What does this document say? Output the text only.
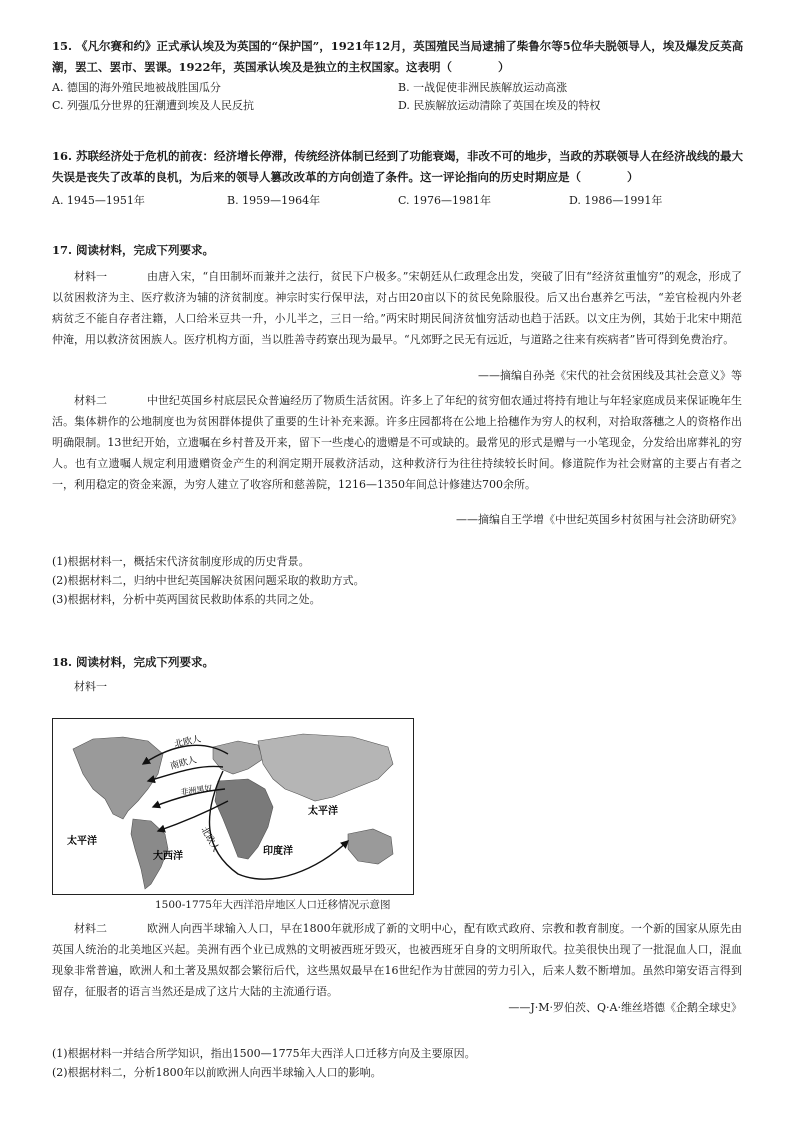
15. 《凡尔赛和约》正式承认埃及为英国的“保护国”，1921年12月，英国殖民当局逮捕了柴鲁尔等5位华夫脱领导人，埃及爆发反英高潮，罢工、罢市、罢课。1922年，英国承认埃及是独立的主权国家。这表明（　　　　）
A. 德国的海外殖民地被战胜国瓜分	B. 一战促使非洲民族解放运动高涨
C. 列强瓜分世界的狂潮遭到埃及人民反抗	D. 民族解放运动清除了英国在埃及的特权
16. 苏联经济处于危机的前夜：经济增长停滞，传统经济体制已经到了功能衰竭，非改不可的地步，当政的苏联领导人在经济战线的最大失误是丧失了改革的良机，为后来的领导人篡改改革的方向创造了条件。这一评论指向的历史时期应是（　　　　）
A. 1945—1951年	B. 1959—1964年	C. 1976—1981年	D. 1986—1991年
17. 阅读材料，完成下列要求。
材料一	由唐入宋，“自田制坏而兼并之法行，贫民下户极多。”宋朝廷从仁政理念出发，突破了旧有“经济贫重恤穷”的观念，形成了以贫困救济为主、医疗救济为辅的济贫制度。神宗时实行保甲法，对占田20亩以下的贫民免除服役。后又出台惠养乞丐法，“差官检视内外老病贫乏不能自存者注籍，人口给米豆共一升，小儿半之，三日一给。”两宋时期民间济贫恤穷活动也趋于活跃。以文庄为例，其始于北宋中期范仲淹，用以救济贫困族人。医疗机构方面，当以胜善寺药寮出现为最早。“凡郊野之民无有远近，与道路之往来有疾病者”皆可得到免费治疗。
——摘编自孙尧《宋代的社会贫困线及其社会意义》等
材料二	中世纪英国乡村底层民众普遍经历了物质生活贫困。许多上了年纪的贫穷佃农通过将持有地让与年轻家庭成员来保证晚年生活。集体耕作的公地制度也为贫困群体提供了重要的生计补充来源。许多庄园都将在公地上拾穗作为穷人的权利，对拾取落穗之人的资格作出明确限制。13世纪开始，立遗嘱在乡村普及开来，留下一些虔心的遗赠是不可或缺的。最常见的形式是赠与一小笔现金，分发给出席葬礼的穷人。也有立遗嘱人规定利用遗赠资金产生的利润定期开展救济活动，这种救济行为往往持续较长时间。修道院作为社会财富的主要占有者之一，利用稳定的资金来源，为穷人建立了收容所和慈善院，1216—1350年间总计修建达700余所。
——摘编自王学增《中世纪英国乡村贫困与社会济助研究》
(1)根据材料一，概括宋代济贫制度形成的历史背景。
(2)根据材料二，归纳中世纪英国解决贫困问题采取的救助方式。
(3)根据材料，分析中英两国贫民救助体系的共同之处。
18. 阅读材料，完成下列要求。
材料一
北欧人
南欧人
非洲黑奴
北欧人
太平洋
太平洋
大西洋	印度洋
1500-1775年大西洋沿岸地区人口迁移情况示意图
材料二	欧洲人向西半球输入人口，早在1800年就形成了新的文明中心，配有欧式政府、宗教和教育制度。一个新的国家从原先由英国人统治的北美地区兴起。美洲有西个业已成熟的文明被西班牙毁灭，也被西班牙自身的文明所取代。拉美很快出现了一批混血人口，混血现象非常普遍，欧洲人和土著及黑奴都会繁衍后代，这些黑奴最早在16世纪作为甘蔗园的劳力引入，后来人数不断增加。虽然印第安语言得到留存，征服者的语言当然还是成了这片大陆的主流通行语。
——J·M·罗伯茨、Q·A·维丝塔德《企鹅全球史》
(1)根据材料一并结合所学知识，指出1500—1775年大西洋人口迁移方向及主要原因。
(2)根据材料二，分析1800年以前欧洲人向西半球输入人口的影响。
